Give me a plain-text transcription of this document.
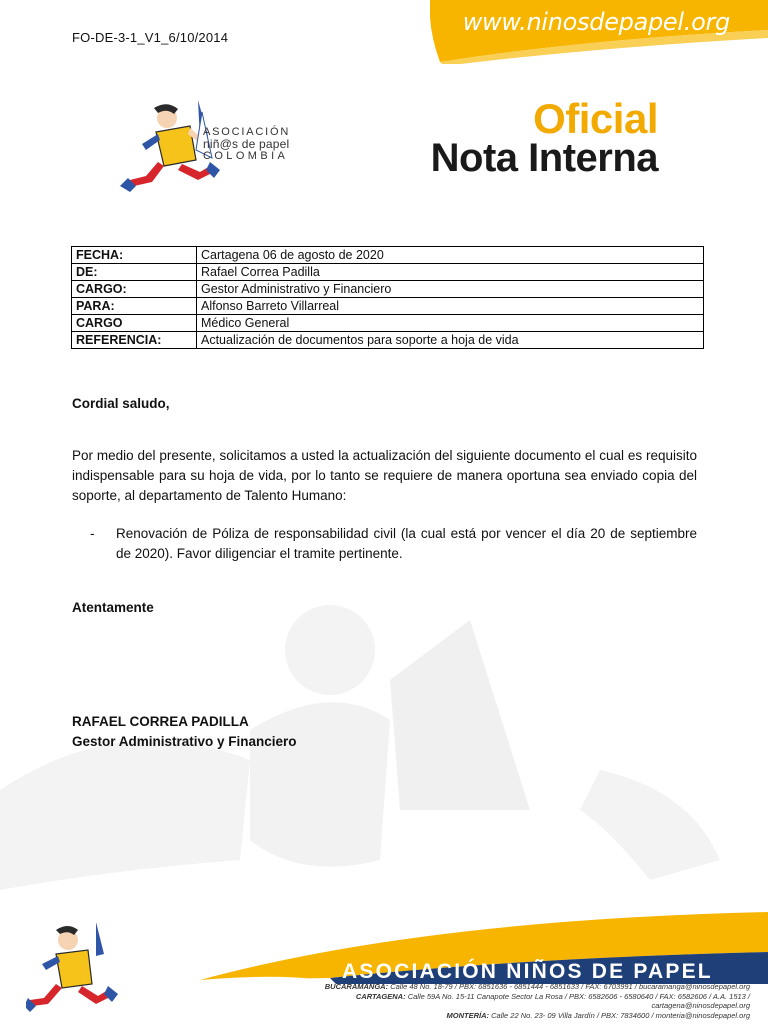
FO-DE-3-1_V1_6/10/2014
www.ninosdepapel.org
ASOCIACIÓN
niñ@s de papel
COLOMBIA
Oficial
Nota Interna
FECHA:	Cartagena 06 de agosto de 2020
DE:	Rafael Correa Padilla
CARGO:	Gestor Administrativo y Financiero
PARA:	Alfonso Barreto Villarreal
CARGO	Médico General
REFERENCIA:	Actualización de documentos para soporte a hoja de vida
Cordial saludo,
Por medio del presente, solicitamos a usted la actualización del siguiente documento el cual es requisito indispensable para su hoja de vida, por lo tanto se requiere de manera oportuna sea enviado copia del soporte, al departamento de Talento Humano:
- Renovación de Póliza de responsabilidad civil (la cual está por vencer el día 20 de septiembre de 2020). Favor diligenciar el tramite pertinente.
Atentamente
RAFAEL CORREA PADILLA
Gestor Administrativo y Financiero
ASOCIACIÓN NIÑOS DE PAPEL
BUCARAMANGA: Calle 48 No. 18-79 / PBX: 6851636 - 6851444 - 6851633 / FAX: 6703991 / bucaramanga@ninosdepapel.org
CARTAGENA: Calle 59A No. 15-11 Canapote Sector La Rosa / PBX: 6582606 - 6580640 / FAX: 6582606 / A.A. 1513 / cartagena@ninosdepapel.org
MONTERÍA: Calle 22 No. 23- 09 Villa Jardín / PBX: 7834600 / monteria@ninosdepapel.org
